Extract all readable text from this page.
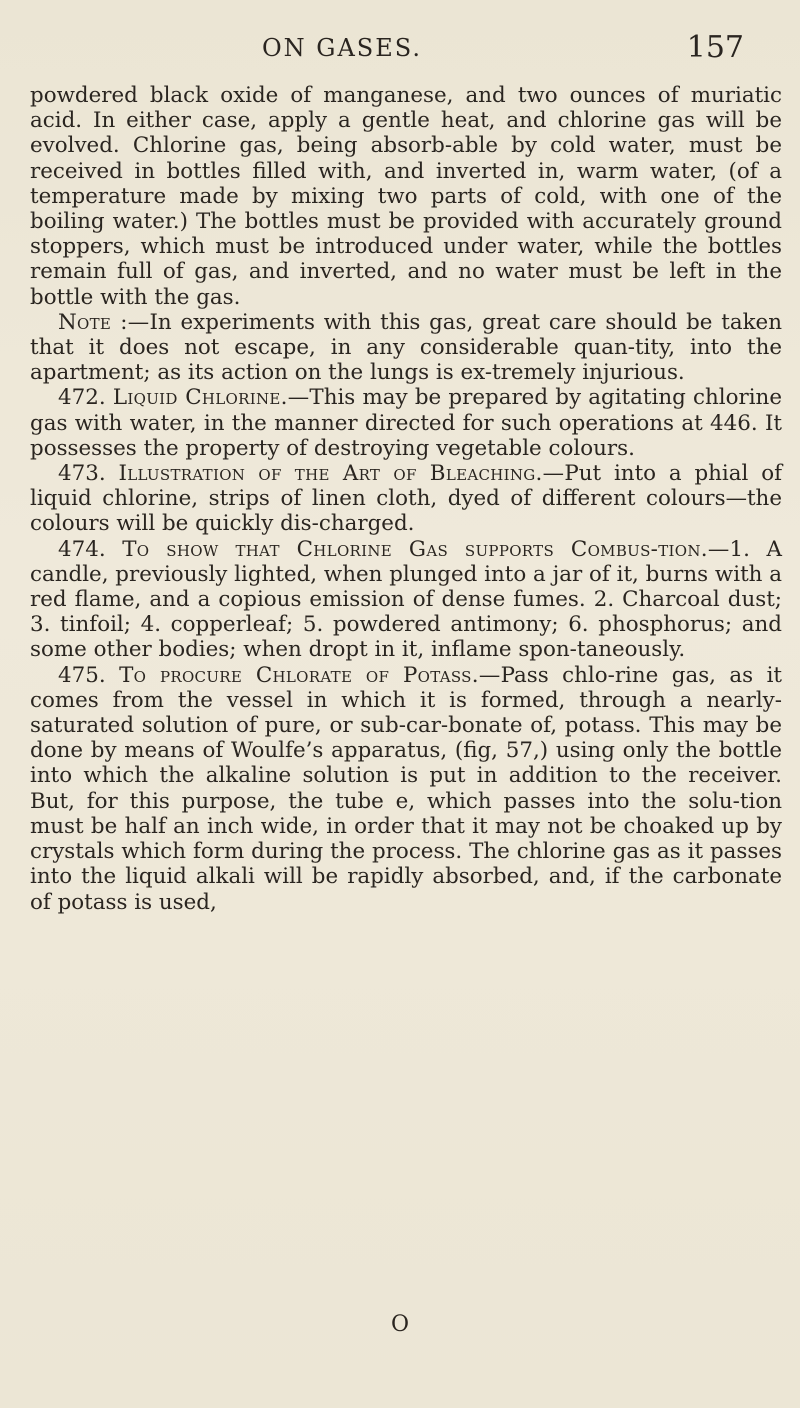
ON GASES.	157

powdered black oxide of manganese, and two ounces of muriatic acid. In either case, apply a gentle heat, and chlorine gas will be evolved. Chlorine gas, being absorb-able by cold water, must be received in bottles filled with, and inverted in, warm water, (of a temperature made by mixing two parts of cold, with one of the boiling water.) The bottles must be provided with accurately ground stoppers, which must be introduced under water, while the bottles remain full of gas, and inverted, and no water must be left in the bottle with the gas.

Note :—In experiments with this gas, great care should be taken that it does not escape, in any considerable quan-tity, into the apartment; as its action on the lungs is ex-tremely injurious.

472. Liquid Chlorine.—This may be prepared by agitating chlorine gas with water, in the manner directed for such operations at 446. It possesses the property of destroying vegetable colours.

473. Illustration of the Art of Bleaching.—Put into a phial of liquid chlorine, strips of linen cloth, dyed of different colours—the colours will be quickly dis-charged.

474. To show that Chlorine Gas supports Combus-tion.—1. A candle, previously lighted, when plunged into a jar of it, burns with a red flame, and a copious emission of dense fumes. 2. Charcoal dust; 3. tinfoil; 4. copperleaf; 5. powdered antimony; 6. phosphorus; and some other bodies; when dropt in it, inflame spon-taneously.

475. To procure Chlorate of Potass.—Pass chlo-rine gas, as it comes from the vessel in which it is formed, through a nearly-saturated solution of pure, or sub-car-bonate of, potass. This may be done by means of Woulfe’s apparatus, (fig, 57,) using only the bottle into which the alkaline solution is put in addition to the receiver. But, for this purpose, the tube e, which passes into the solu-tion must be half an inch wide, in order that it may not be choaked up by crystals which form during the process. The chlorine gas as it passes into the liquid alkali will be rapidly absorbed, and, if the carbonate of potass is used,

O
